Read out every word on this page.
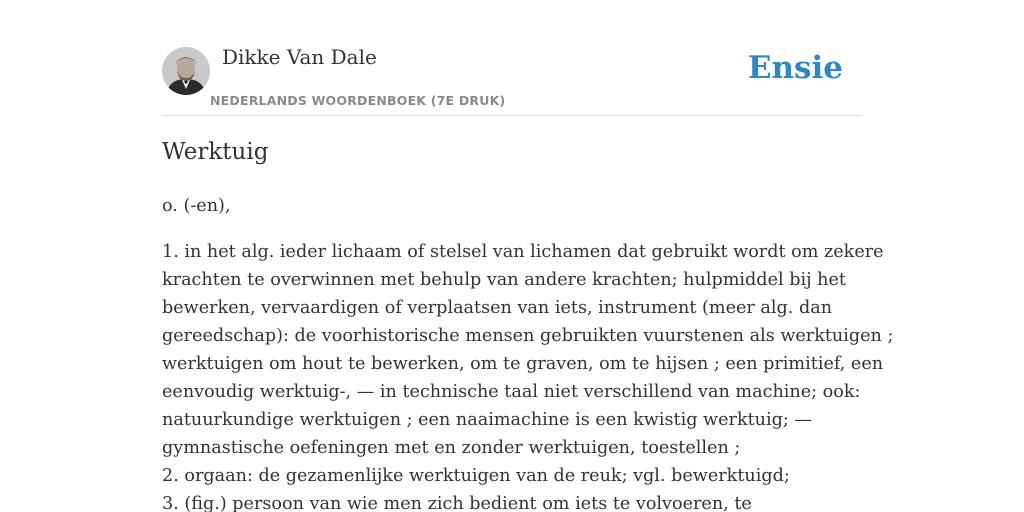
Dikke Van Dale
NEDERLANDS WOORDENBOEK (7E DRUK)
Ensie
Werktuig

o. (-en),

1. in het alg. ieder lichaam of stelsel van lichamen dat gebruikt wordt om zekere

krachten te overwinnen met behulp van andere krachten; hulpmiddel bij het

bewerken, vervaardigen of verplaatsen van iets, instrument (meer alg. dan

gereedschap): de voorhistorische mensen gebruikten vuurstenen als werktuigen ;

werktuigen om hout te bewerken, om te graven, om te hijsen ; een primitief, een

eenvoudig werktuig-, — in technische taal niet verschillend van machine; ook:

natuurkundige werktuigen ; een naaimachine is een kwistig werktuig; —

gymnastische oefeningen met en zonder werktuigen, toestellen ;

2. orgaan: de gezamenlijke werktuigen van de reuk; vgl. bewerktuigd;

3. (fig.) persoon van wie men zich bedient om iets te volvoeren, te
